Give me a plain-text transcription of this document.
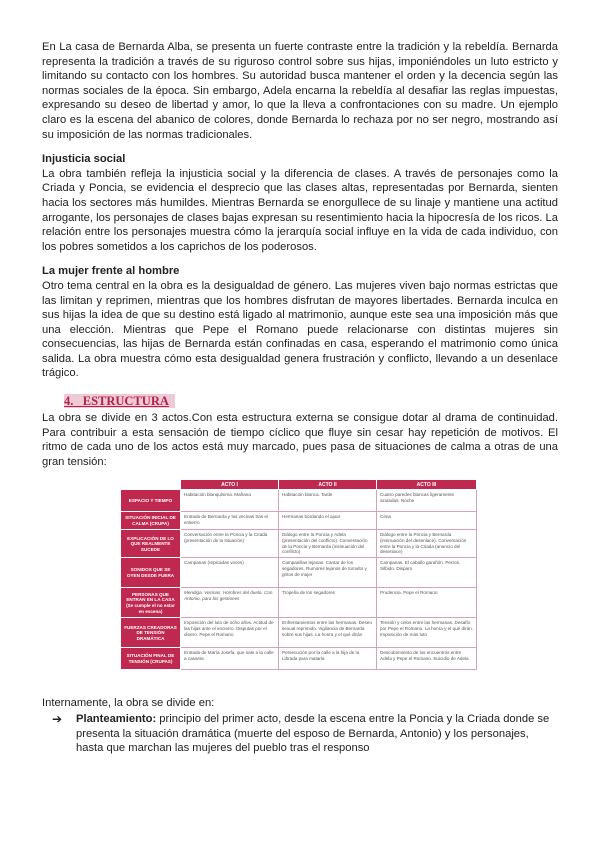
En La casa de Bernarda Alba, se presenta un fuerte contraste entre la tradición y la rebeldía. Bernarda representa la tradición a través de su riguroso control sobre sus hijas, imponiéndoles un luto estricto y limitando su contacto con los hombres. Su autoridad busca mantener el orden y la decencia según las normas sociales de la época. Sin embargo, Adela encarna la rebeldía al desafiar las reglas impuestas, expresando su deseo de libertad y amor, lo que la lleva a confrontaciones con su madre. Un ejemplo claro es la escena del abanico de colores, donde Bernarda lo rechaza por no ser negro, mostrando así su imposición de las normas tradicionales.

Injusticia social

La obra también refleja la injusticia social y la diferencia de clases. A través de personajes como la Criada y Poncia, se evidencia el desprecio que las clases altas, representadas por Bernarda, sienten hacia los sectores más humildes. Mientras Bernarda se enorgullece de su linaje y mantiene una actitud arrogante, los personajes de clases bajas expresan su resentimiento hacia la hipocresía de los ricos. La relación entre los personajes muestra cómo la jerarquía social influye en la vida de cada individuo, con los pobres sometidos a los caprichos de los poderosos.

La mujer frente al hombre

Otro tema central en la obra es la desigualdad de género. Las mujeres viven bajo normas estrictas que las limitan y reprimen, mientras que los hombres disfrutan de mayores libertades. Bernarda inculca en sus hijas la idea de que su destino está ligado al matrimonio, aunque este sea una imposición más que una elección. Mientras que Pepe el Romano puede relacionarse con distintas mujeres sin consecuencias, las hijas de Bernarda están confinadas en casa, esperando el matrimonio como única salida. La obra muestra cómo esta desigualdad genera frustración y conflicto, llevando a un desenlace trágico.

4. ESTRUCTURA

La obra se divide en 3 actos.Con esta estructura externa se consigue dotar al drama de continuidad. Para contribuir a esta sensación de tiempo cíclico que fluye sin cesar hay repetición de motivos. El ritmo de cada uno de los actos está muy marcado, pues pasa de situaciones de calma a otras de una gran tensión:

	ACTO I	ACTO II	ACTO III
ESPACIO Y TIEMPO	Habitación blanquísima. Mañana	Habitación blanca. Tarde	Cuatro paredes blancas ligeramente azuladas. Noche
SITUACIÓN INICIAL DE CALMA (CRUPA)	Entrada de Bernarda y las vecinas tras el entierro	Hermanas bordando el ajuar	Cena
EXPLICACIÓN DE LO QUE REALMENTE SUCEDE	Conversación entre la Poncia y la Criada (presentación de la situación)	Diálogo entre la Poncia y Adela (presentación del conflicto). Conversación de la Poncia y Bernarda (insinuación del conflicto)	Diálogo entre la Poncia y Bernarda (insinuación del desenlace). Conversación entre la Poncia y la Criada (anuncio del desenlace)
SONIDOS QUE SE OYEN DESDE FUERA	Campanas (repicadas voces)	Campanillas lejanas. Cantar de los segadores. Rumores lejanos de tumulto y gritos de mujer	Campanas. El caballo garañón. Perros. Silbido. Disparo
PERSONAS QUE ENTRAN EN LA CASA (Se cumple el no estar en escena)	Mendiga. Vecinas. Hombres del duelo. Con Antonio, para los gestiones	Tropelía de los segadores	Prudencia. Pepe el Romano
FUERZAS CREADORAS DE TENSIÓN DRAMÁTICA	Imposición del luto de ocho años. Actitud de las hijas ante el encierro. Disputas por el dinero. Pepe el Romano	Enfrentamientos entre las hermanas. Deseo sexual reprimido. Vigilancia de Bernarda sobre sus hijas. La honra y el qué dirán	Tensión y celos entre las hermanas. Desafío por Pepe el Romano. La honra y el qué dirán. Imposición de más luto
SITUACIÓN FINAL DE TENSIÓN (CRUPAS)	Entrada de María Josefa, que sale a la calle a casarse	Persecución por la calle a la hija de la Librada para matarla	Descubrimiento de los encuentros entre Adela y Pepe el Romano. Suicidio de Adela

Internamente, la obra se divide en:

➔	Planteamiento: principio del primer acto, desde la escena entre la Poncia y la Criada donde se presenta la situación dramática (muerte del esposo de Bernarda, Antonio) y los personajes, hasta que marchan las mujeres del pueblo tras el responso
